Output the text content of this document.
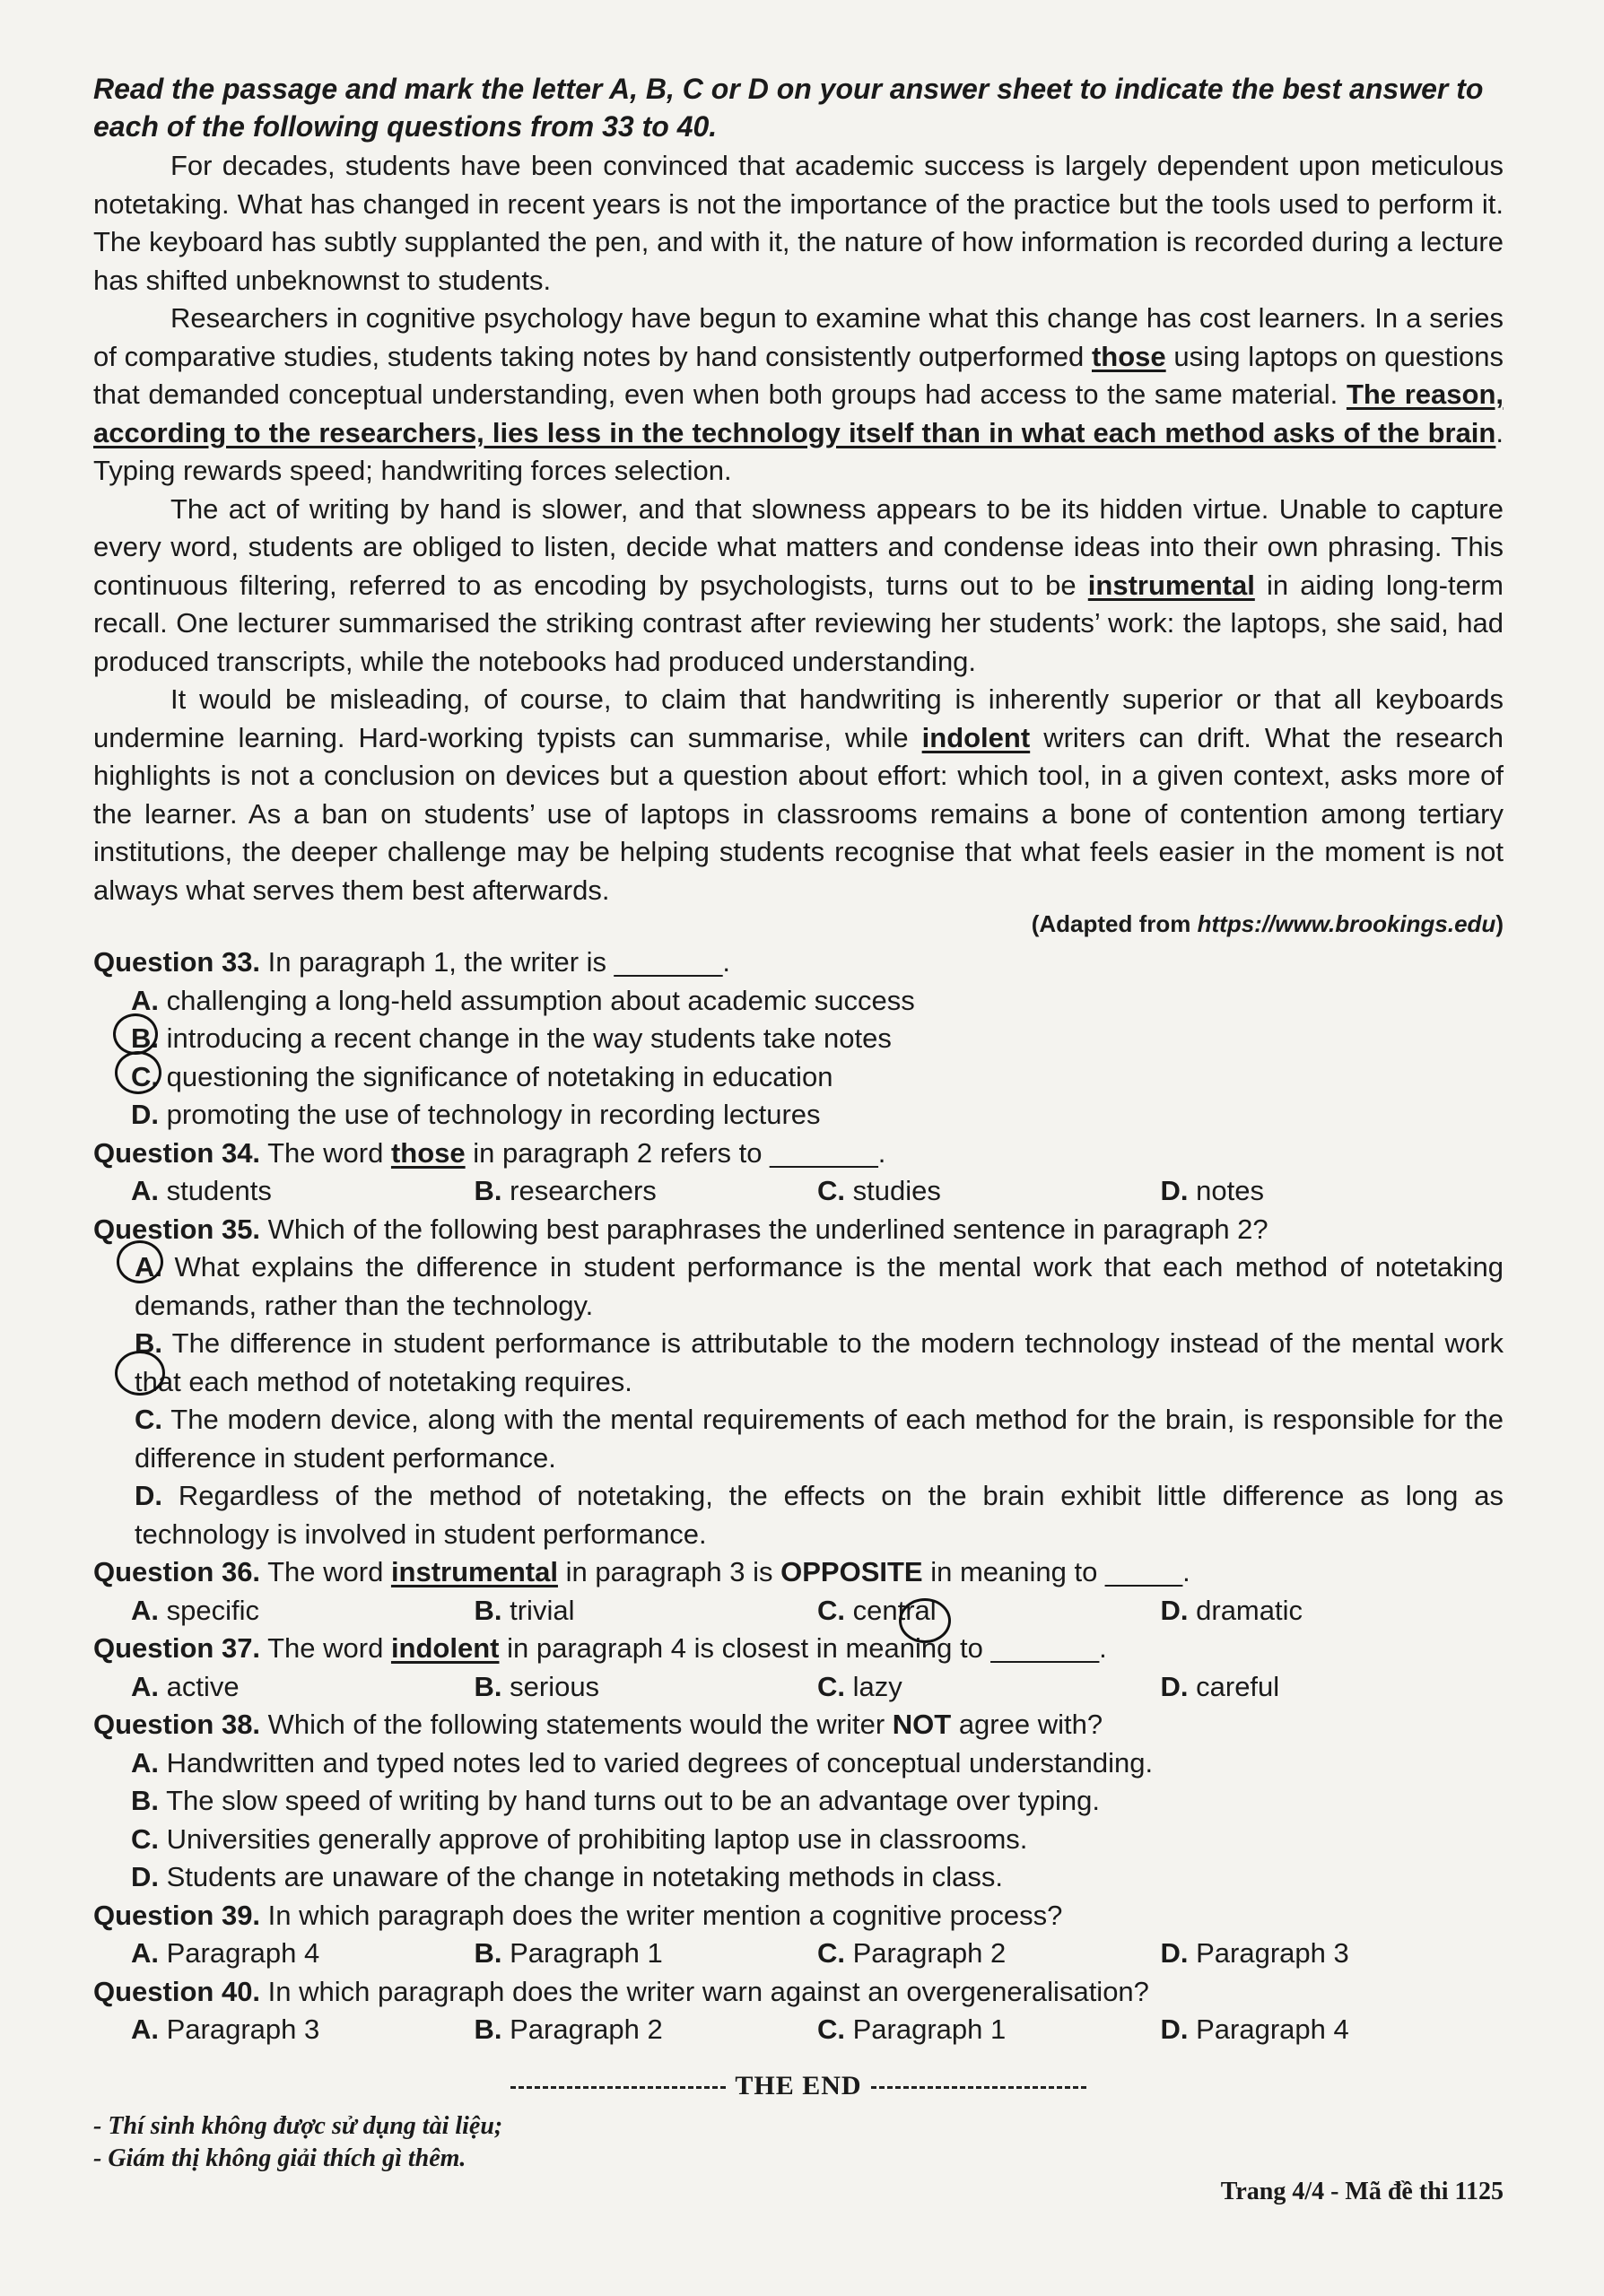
Read the passage and mark the letter A, B, C or D on your answer sheet to indicate the best answer to each of the following questions from 33 to 40.

For decades, students have been convinced that academic success is largely dependent upon meticulous notetaking. What has changed in recent years is not the importance of the practice but the tools used to perform it. The keyboard has subtly supplanted the pen, and with it, the nature of how information is recorded during a lecture has shifted unbeknownst to students.

Researchers in cognitive psychology have begun to examine what this change has cost learners. In a series of comparative studies, students taking notes by hand consistently outperformed those using laptops on questions that demanded conceptual understanding, even when both groups had access to the same material. The reason, according to the researchers, lies less in the technology itself than in what each method asks of the brain. Typing rewards speed; handwriting forces selection.

The act of writing by hand is slower, and that slowness appears to be its hidden virtue. Unable to capture every word, students are obliged to listen, decide what matters and condense ideas into their own phrasing. This continuous filtering, referred to as encoding by psychologists, turns out to be instrumental in aiding long-term recall. One lecturer summarised the striking contrast after reviewing her students’ work: the laptops, she said, had produced transcripts, while the notebooks had produced understanding.

It would be misleading, of course, to claim that handwriting is inherently superior or that all keyboards undermine learning. Hard-working typists can summarise, while indolent writers can drift. What the research highlights is not a conclusion on devices but a question about effort: which tool, in a given context, asks more of the learner. As a ban on students’ use of laptops in classrooms remains a bone of contention among tertiary institutions, the deeper challenge may be helping students recognise that what feels easier in the moment is not always what serves them best afterwards.

(Adapted from https://www.brookings.edu)

Question 33. In paragraph 1, the writer is _______.

A. challenging a long-held assumption about academic success

B. introducing a recent change in the way students take notes

C. questioning the significance of notetaking in education

D. promoting the use of technology in recording lectures

Question 34. The word those in paragraph 2 refers to _______.

A. students	B. researchers	C. studies	D. notes

Question 35. Which of the following best paraphrases the underlined sentence in paragraph 2?

A. What explains the difference in student performance is the mental work that each method of notetaking demands, rather than the technology.

B. The difference in student performance is attributable to the modern technology instead of the mental work that each method of notetaking requires.

C. The modern device, along with the mental requirements of each method for the brain, is responsible for the difference in student performance.

D. Regardless of the method of notetaking, the effects on the brain exhibit little difference as long as technology is involved in student performance.

Question 36. The word instrumental in paragraph 3 is OPPOSITE in meaning to _____.

A. specific	B. trivial	C. central	D. dramatic

Question 37. The word indolent in paragraph 4 is closest in meaning to _______.

A. active	B. serious	C. lazy	D. careful

Question 38. Which of the following statements would the writer NOT agree with?

A. Handwritten and typed notes led to varied degrees of conceptual understanding.

B. The slow speed of writing by hand turns out to be an advantage over typing.

C. Universities generally approve of prohibiting laptop use in classrooms.

D. Students are unaware of the change in notetaking methods in class.

Question 39. In which paragraph does the writer mention a cognitive process?

A. Paragraph 4	B. Paragraph 1	C. Paragraph 2	D. Paragraph 3

Question 40. In which paragraph does the writer warn against an overgeneralisation?

A. Paragraph 3	B. Paragraph 2	C. Paragraph 1	D. Paragraph 4
THE END
- Thí sinh không được sử dụng tài liệu;
- Giám thị không giải thích gì thêm.
Trang 4/4 - Mã đề thi 1125
